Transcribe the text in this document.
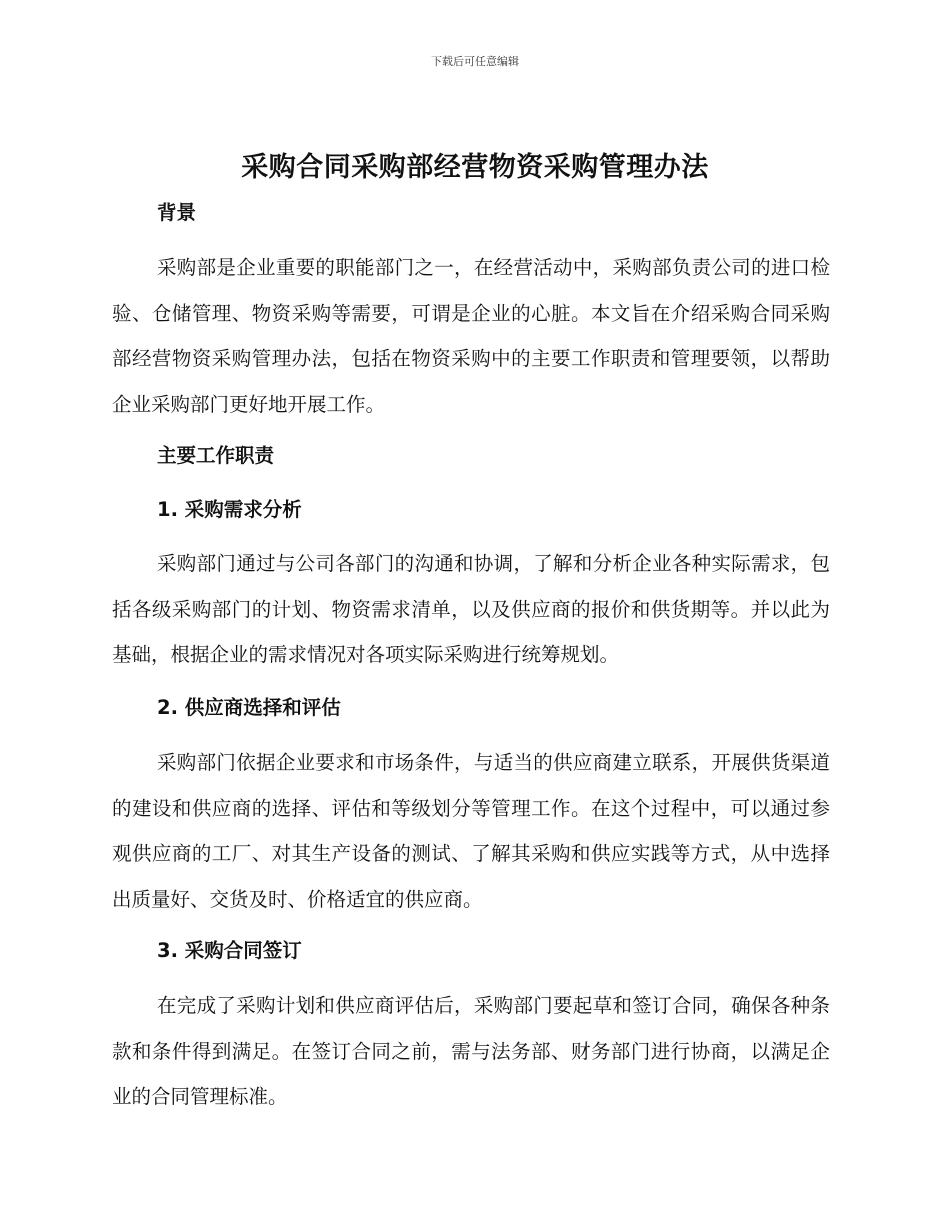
下载后可任意编辑
采购合同采购部经营物资采购管理办法
背景

采购部是企业重要的职能部门之一，在经营活动中，采购部负责公司的进口检验、仓储管理、物资采购等需要，可谓是企业的心脏。本文旨在介绍采购合同采购部经营物资采购管理办法，包括在物资采购中的主要工作职责和管理要领，以帮助企业采购部门更好地开展工作。

主要工作职责
1. 采购需求分析

采购部门通过与公司各部门的沟通和协调，了解和分析企业各种实际需求，包括各级采购部门的计划、物资需求清单，以及供应商的报价和供货期等。并以此为基础，根据企业的需求情况对各项实际采购进行统筹规划。

2. 供应商选择和评估

采购部门依据企业要求和市场条件，与适当的供应商建立联系，开展供货渠道的建设和供应商的选择、评估和等级划分等管理工作。在这个过程中，可以通过参观供应商的工厂、对其生产设备的测试、了解其采购和供应实践等方式，从中选择出质量好、交货及时、价格适宜的供应商。

3. 采购合同签订

在完成了采购计划和供应商评估后，采购部门要起草和签订合同，确保各种条款和条件得到满足。在签订合同之前，需与法务部、财务部门进行协商，以满足企业的合同管理标准。
